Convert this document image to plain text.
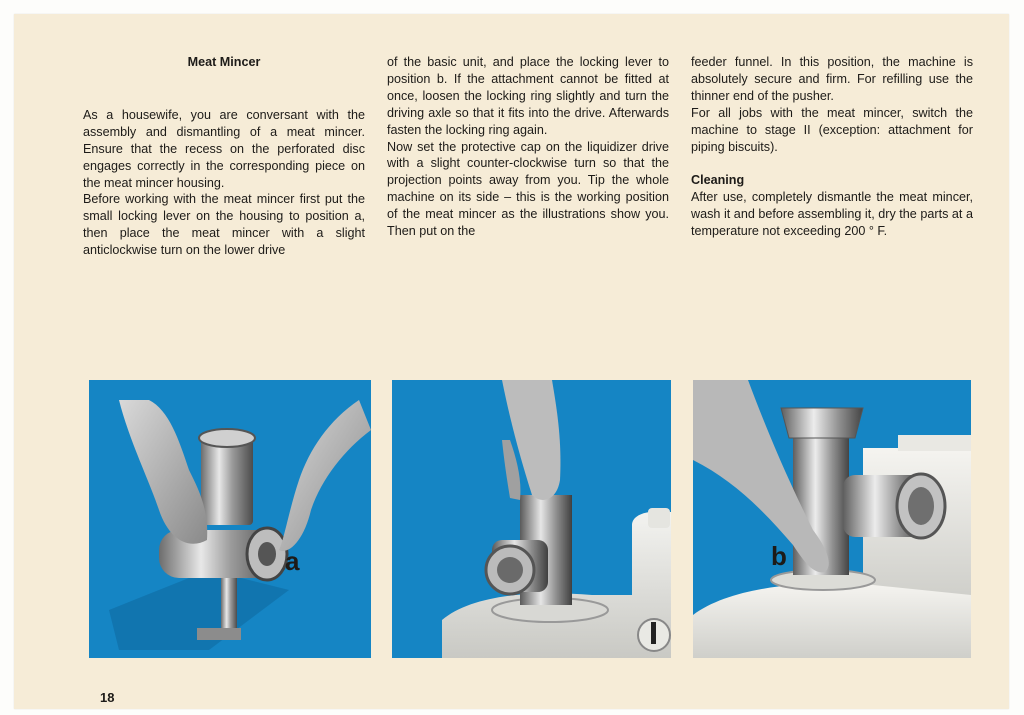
Meat Mincer

As a housewife, you are conversant with the assembly and dismantling of a meat mincer. Ensure that the recess on the perforated disc engages correctly in the corresponding piece on the meat mincer housing.

Before working with the meat mincer first put the small locking lever on the housing to position a, then place the meat mincer with a slight anticlockwise turn on the lower drive

of the basic unit, and place the locking lever to position b. If the attachment cannot be fitted at once, loosen the locking ring slightly and turn the driving axle so that it fits into the drive. Afterwards fasten the locking ring again.

Now set the protective cap on the liquidizer drive with a slight counter-clockwise turn so that the projection points away from you. Tip the whole machine on its side – this is the working position of the meat mincer as the illustrations show you. Then put on the

feeder funnel. In this position, the machine is absolutely secure and firm. For refilling use the thinner end of the pusher.

For all jobs with the meat mincer, switch the machine to stage II (exception: attachment for piping biscuits).

Cleaning

After use, completely dismantle the meat mincer, wash it and before assembling it, dry the parts at a temperature not exceeding 200 ° F.

a	b
18
